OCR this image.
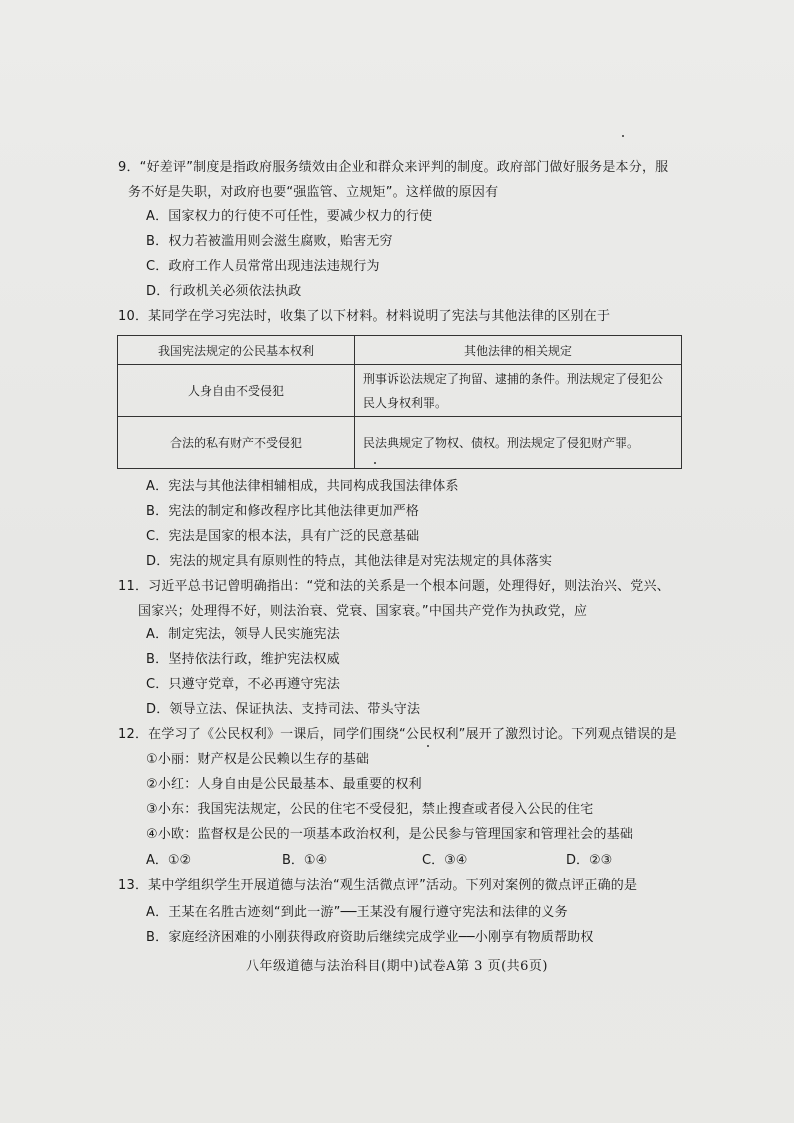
9．“好差评”制度是指政府服务绩效由企业和群众来评判的制度。政府部门做好服务是本分，服
务不好是失职，对政府也要“强监管、立规矩”。这样做的原因有
A．国家权力的行使不可任性，要减少权力的行使
B．权力若被滥用则会滋生腐败，贻害无穷
C．政府工作人员常常出现违法违规行为
D．行政机关必须依法执政
10．某同学在学习宪法时，收集了以下材料。材料说明了宪法与其他法律的区别在于
我国宪法规定的公民基本权利	其他法律的相关规定
人身自由不受侵犯	刑事诉讼法规定了拘留、逮捕的条件。刑法规定了侵犯公民人身权利罪。
合法的私有财产不受侵犯	民法典规定了物权、债权。刑法规定了侵犯财产罪。
A．宪法与其他法律相辅相成，共同构成我国法律体系
B．宪法的制定和修改程序比其他法律更加严格
C．宪法是国家的根本法，具有广泛的民意基础
D．宪法的规定具有原则性的特点，其他法律是对宪法规定的具体落实
11．习近平总书记曾明确指出：“党和法的关系是一个根本问题，处理得好，则法治兴、党兴、
国家兴；处理得不好，则法治衰、党衰、国家衰。”中国共产党作为执政党，应
A．制定宪法，领导人民实施宪法
B．坚持依法行政，维护宪法权威
C．只遵守党章，不必再遵守宪法
D．领导立法、保证执法、支持司法、带头守法
12．在学习了《公民权利》一课后，同学们围绕“公民权利”展开了激烈讨论。下列观点错误的是
①小丽：财产权是公民赖以生存的基础
②小红：人身自由是公民最基本、最重要的权利
③小东：我国宪法规定，公民的住宅不受侵犯，禁止搜查或者侵入公民的住宅
④小欧：监督权是公民的一项基本政治权利，是公民参与管理国家和管理社会的基础
A．①②	B．①④	C．③④	D．②③
13．某中学组织学生开展道德与法治“观生活微点评”活动。下列对案例的微点评正确的是
A．王某在名胜古迹刻“到此一游”──王某没有履行遵守宪法和法律的义务
B．家庭经济困难的小刚获得政府资助后继续完成学业──小刚享有物质帮助权
八年级道德与法治科目(期中)试卷A第 3 页(共6页)
